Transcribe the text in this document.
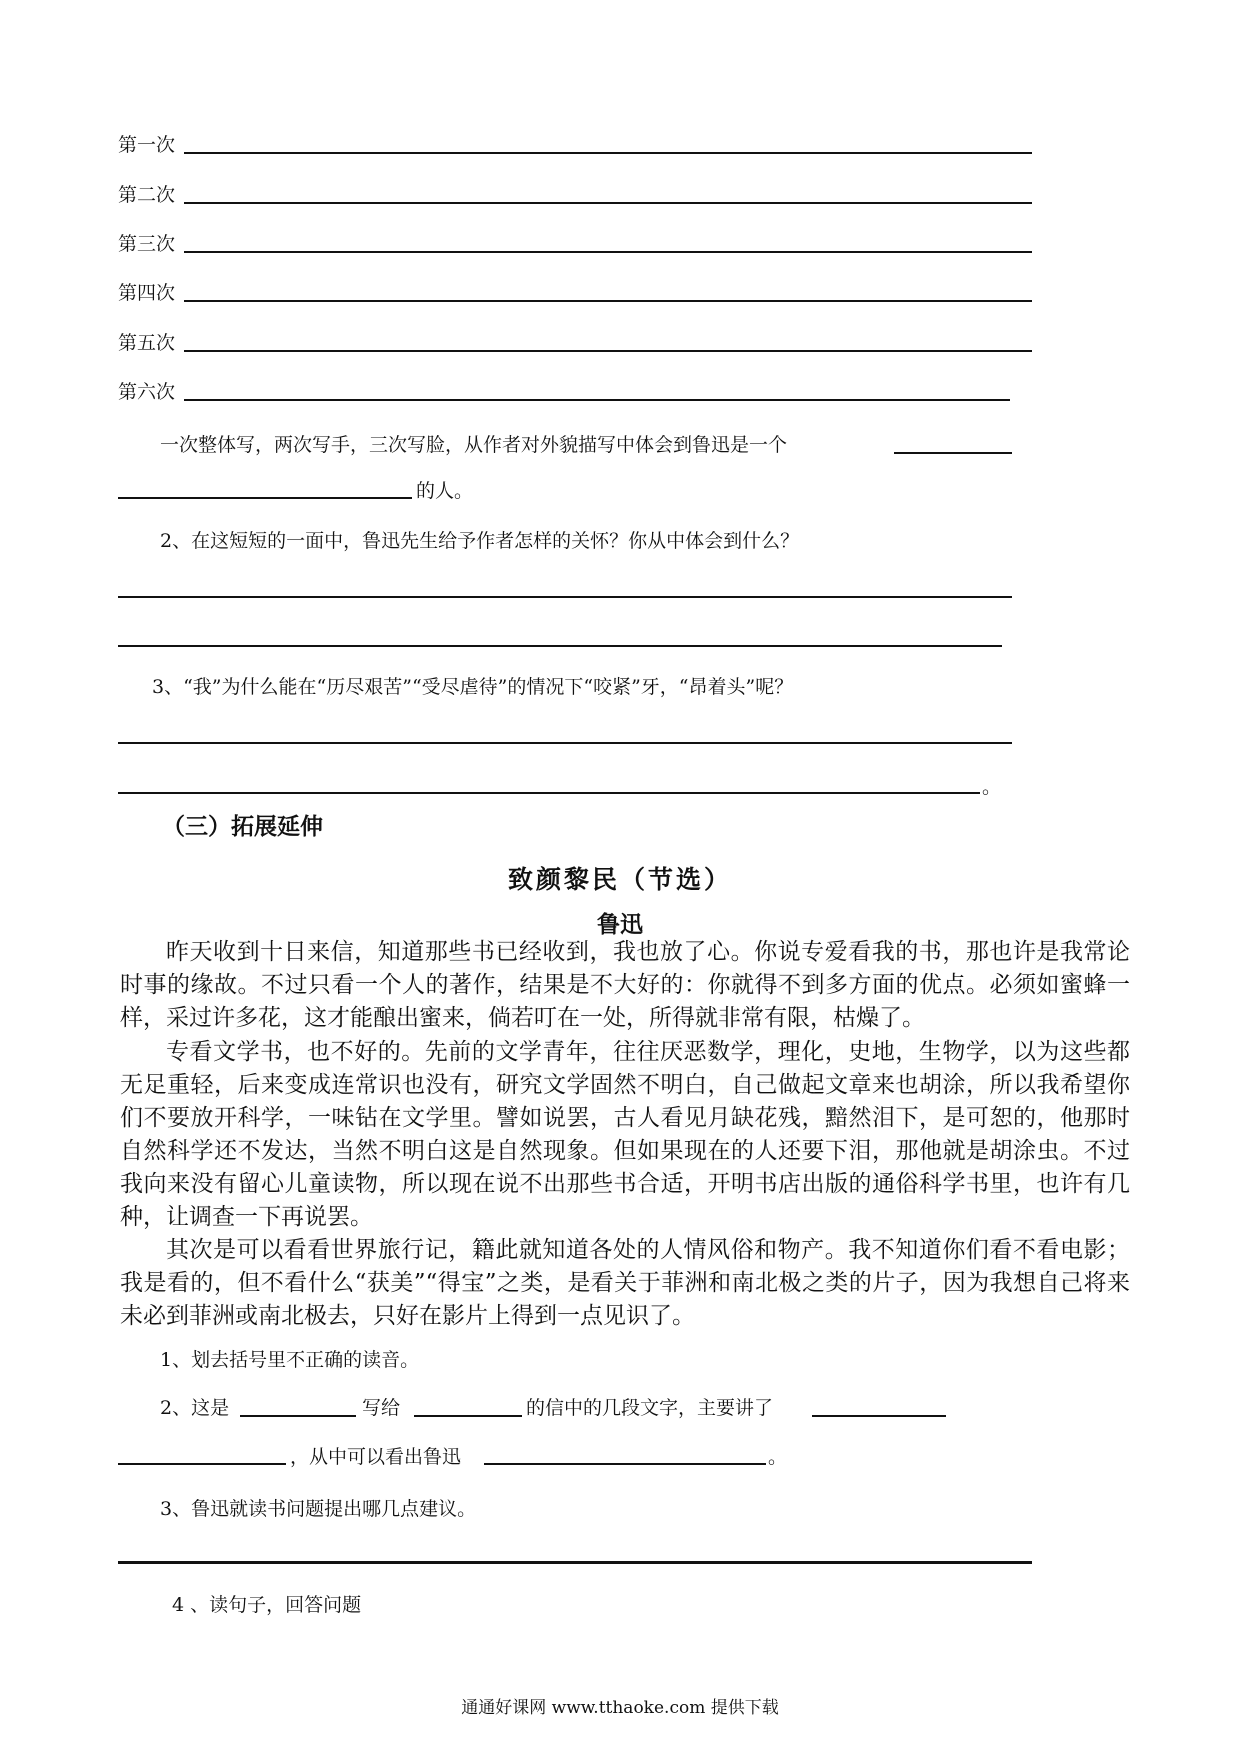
第一次
第二次
第三次
第四次
第五次
第六次
一次整体写，两次写手，三次写脸，从作者对外貌描写中体会到鲁迅是一个
的人。
2、在这短短的一面中，鲁迅先生给予作者怎样的关怀？你从中体会到什么？
3、“我”为什么能在“历尽艰苦”“受尽虐待”的情况下“咬紧”牙，“昂着头”呢？
。
（三）拓展延伸
致颜黎民（节选）
鲁迅

昨天收到十日来信，知道那些书已经收到，我也放了心。你说专爱看我的书，那也许是我常论时事的缘故。不过只看一个人的著作，结果是不大好的：你就得不到多方面的优点。必须如蜜蜂一样，采过许多花，这才能酿出蜜来，倘若叮在一处，所得就非常有限，枯燥了。

专看文学书，也不好的。先前的文学青年，往往厌恶数学，理化，史地，生物学，以为这些都无足重轻，后来变成连常识也没有，研究文学固然不明白，自己做起文章来也胡涂，所以我希望你们不要放开科学，一味钻在文学里。譬如说罢，古人看见月缺花残，黯然泪下，是可恕的，他那时自然科学还不发达，当然不明白这是自然现象。但如果现在的人还要下泪，那他就是胡涂虫。不过我向来没有留心儿童读物，所以现在说不出那些书合适，开明书店出版的通俗科学书里，也许有几种，让调查一下再说罢。

其次是可以看看世界旅行记，籍此就知道各处的人情风俗和物产。我不知道你们看不看电影；我是看的，但不看什么“获美”“得宝”之类，是看关于菲洲和南北极之类的片子，因为我想自己将来未必到菲洲或南北极去，只好在影片上得到一点见识了。

1、划去括号里不正确的读音。
2、这是	写给	的信中的几段文字，主要讲了
，从中可以看出鲁迅	。
3、鲁迅就读书问题提出哪几点建议。
4 、读句子，回答问题
通通好课网 www.tthaoke.com 提供下载
